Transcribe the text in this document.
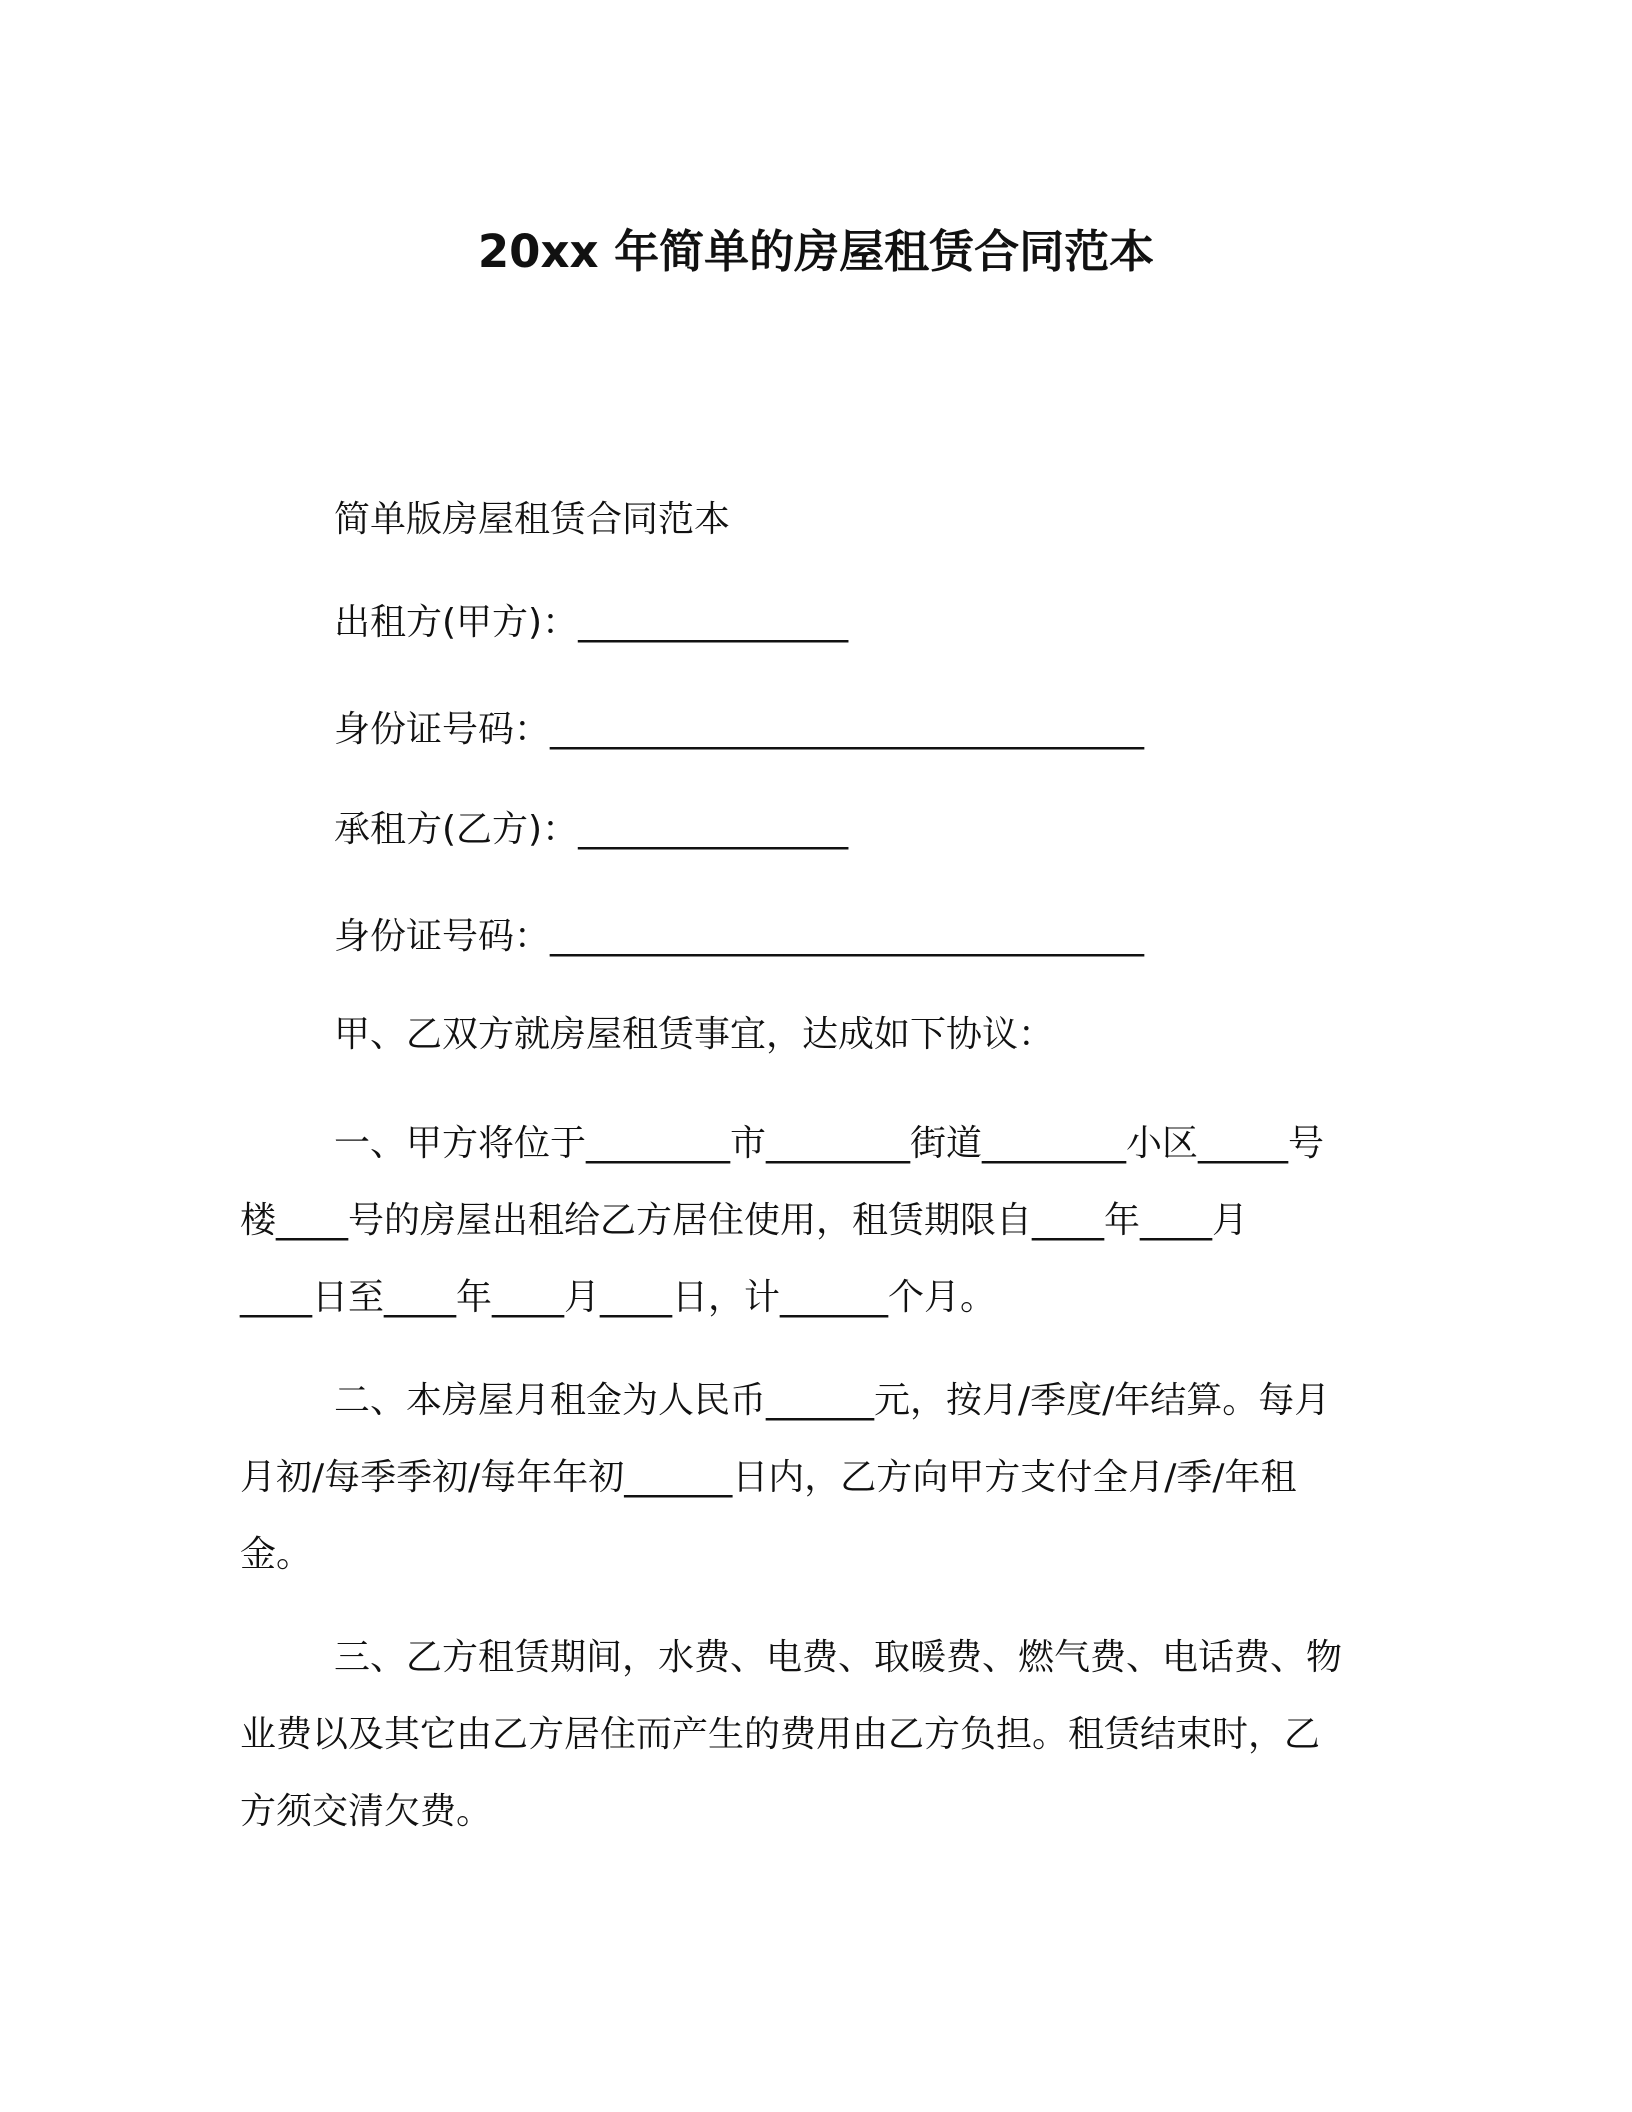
20xx 年简单的房屋租赁合同范本

简单版房屋租赁合同范本

出租方(甲方)：_______________

身份证号码：_________________________________

承租方(乙方)：_______________

身份证号码：_________________________________

甲、乙双方就房屋租赁事宜，达成如下协议：

一、甲方将位于________市________街道________小区_____号
楼____号的房屋出租给乙方居住使用，租赁期限自____年____月
____日至____年____月____日，计______个月。
二、本房屋月租金为人民币______元，按月/季度/年结算。每月
月初/每季季初/每年年初______日内，乙方向甲方支付全月/季/年租
金。
三、乙方租赁期间，水费、电费、取暖费、燃气费、电话费、物
业费以及其它由乙方居住而产生的费用由乙方负担。租赁结束时，乙
方须交清欠费。
